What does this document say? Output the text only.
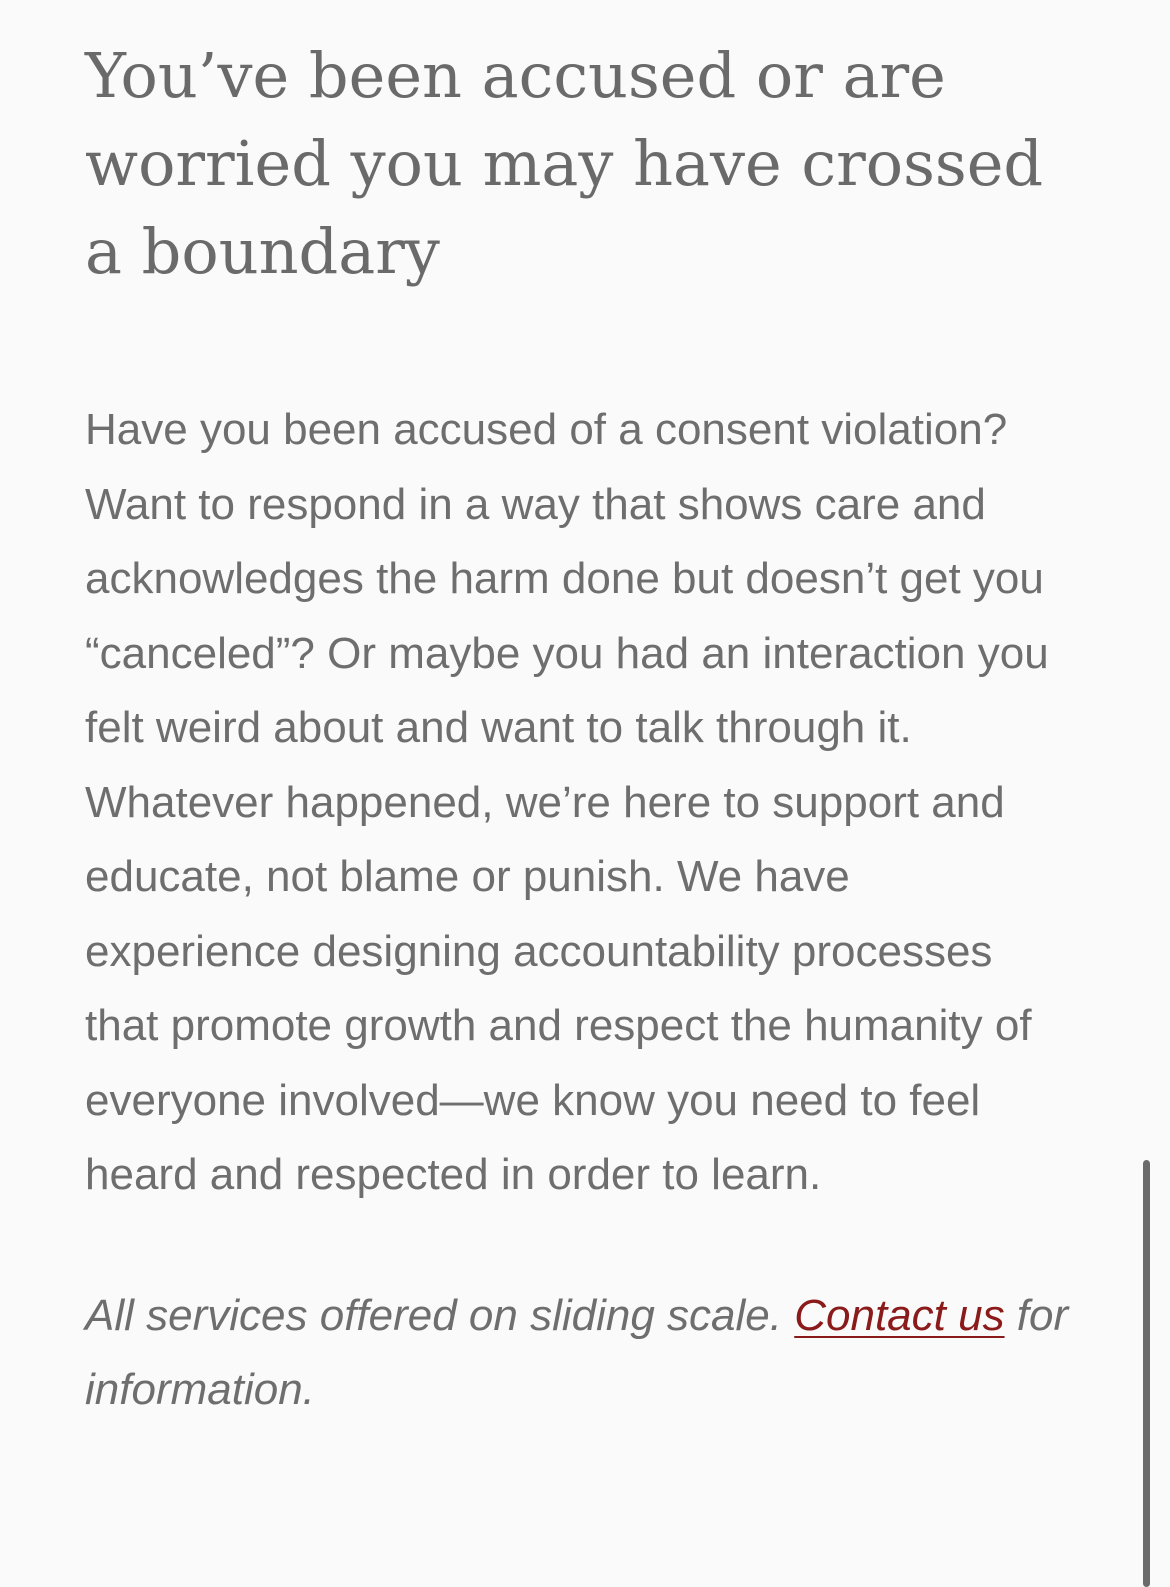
You’ve been accused or are worried you may have crossed a boundary

Have you been accused of a consent violation? Want to respond in a way that shows care and acknowledges the harm done but doesn’t get you “canceled”? Or maybe you had an interaction you felt weird about and want to talk through it. Whatever happened, we’re here to support and educate, not blame or punish. We have experience designing accountability processes that promote growth and respect the humanity of everyone involved—we know you need to feel heard and respected in order to learn.

All services offered on sliding scale. Contact us for information.
